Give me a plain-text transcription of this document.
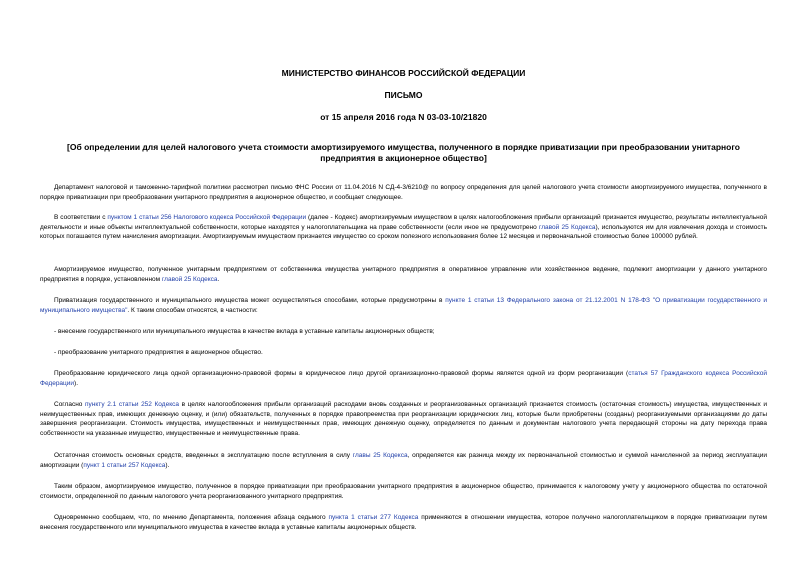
МИНИСТЕРСТВО ФИНАНСОВ РОССИЙСКОЙ ФЕДЕРАЦИИ
ПИСЬМО
от 15 апреля 2016 года N 03-03-10/21820
[Об определении для целей налогового учета стоимости амортизируемого имущества, полученного в порядке приватизации при преобразовании унитарного предприятия в акционерное общество]
Департамент налоговой и таможенно-тарифной политики рассмотрел письмо ФНС России от 11.04.2016 N СД-4-3/6210@ по вопросу определения для целей налогового учета стоимости амортизируемого имущества, полученного в порядке приватизации при преобразовании унитарного предприятия в акционерное общество, и сообщает следующее.
В соответствии с пунктом 1 статьи 256 Налогового кодекса Российской Федерации (далее - Кодекс) амортизируемым имуществом в целях налогообложения прибыли организаций признается имущество, результаты интеллектуальной деятельности и иные объекты интеллектуальной собственности, которые находятся у налогоплательщика на праве собственности (если иное не предусмотрено главой 25 Кодекса), используются им для извлечения дохода и стоимость которых погашается путем начисления амортизации. Амортизируемым имуществом признается имущество со сроком полезного использования более 12 месяцев и первоначальной стоимостью более 100000 рублей.
Амортизируемое имущество, полученное унитарным предприятием от собственника имущества унитарного предприятия в оперативное управление или хозяйственное ведение, подлежит амортизации у данного унитарного предприятия в порядке, установленном главой 25 Кодекса.
Приватизация государственного и муниципального имущества может осуществляться способами, которые предусмотрены в пункте 1 статьи 13 Федерального закона от 21.12.2001 N 178-ФЗ "О приватизации государственного и муниципального имущества". К таким способам относятся, в частности:
- внесение государственного или муниципального имущества в качестве вклада в уставные капиталы акционерных обществ;
- преобразование унитарного предприятия в акционерное общество.
Преобразование юридического лица одной организационно-правовой формы в юридическое лицо другой организационно-правовой формы является одной из форм реорганизации (статья 57 Гражданского кодекса Российской Федерации).
Согласно пункту 2.1 статьи 252 Кодекса в целях налогообложения прибыли организаций расходами вновь созданных и реорганизованных организаций признается стоимость (остаточная стоимость) имущества, имущественных и неимущественных прав, имеющих денежную оценку, и (или) обязательств, полученных в порядке правопреемства при реорганизации юридических лиц, которые были приобретены (созданы) реорганизуемыми организациями до даты завершения реорганизации. Стоимость имущества, имущественных и неимущественных прав, имеющих денежную оценку, определяется по данным и документам налогового учета передающей стороны на дату перехода права собственности на указанные имущество, имущественные и неимущественные права.
Остаточная стоимость основных средств, введенных в эксплуатацию после вступления в силу главы 25 Кодекса, определяется как разница между их первоначальной стоимостью и суммой начисленной за период эксплуатации амортизации (пункт 1 статьи 257 Кодекса).
Таким образом, амортизируемое имущество, полученное в порядке приватизации при преобразовании унитарного предприятия в акционерное общество, принимается к налоговому учету у акционерного общества по остаточной стоимости, определенной по данным налогового учета реорганизованного унитарного предприятия.
Одновременно сообщаем, что, по мнению Департамента, положения абзаца седьмого пункта 1 статьи 277 Кодекса применяются в отношении имущества, которое получено налогоплательщиком в порядке приватизации путем внесения государственного или муниципального имущества в качестве вклада в уставные капиталы акционерных обществ.
